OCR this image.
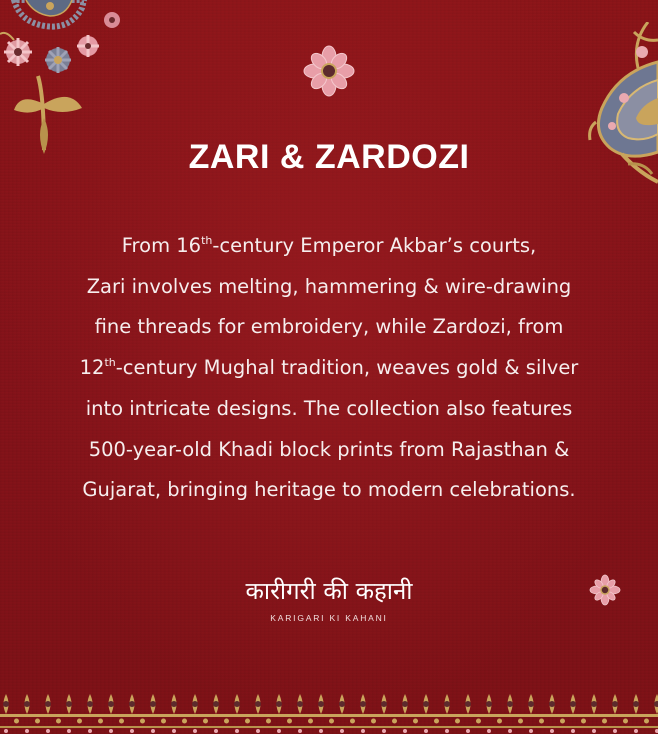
ZARI & ZARDOZI
From 16th-century Emperor Akbar’s courts,
Zari involves melting, hammering & wire-drawing
fine threads for embroidery, while Zardozi, from
12th-century Mughal tradition, weaves gold & silver
into intricate designs. The collection also features
500-year-old Khadi block prints from Rajasthan &
Gujarat, bringing heritage to modern celebrations.
कारीगरी की कहानी
KARIGARI KI KAHANI
